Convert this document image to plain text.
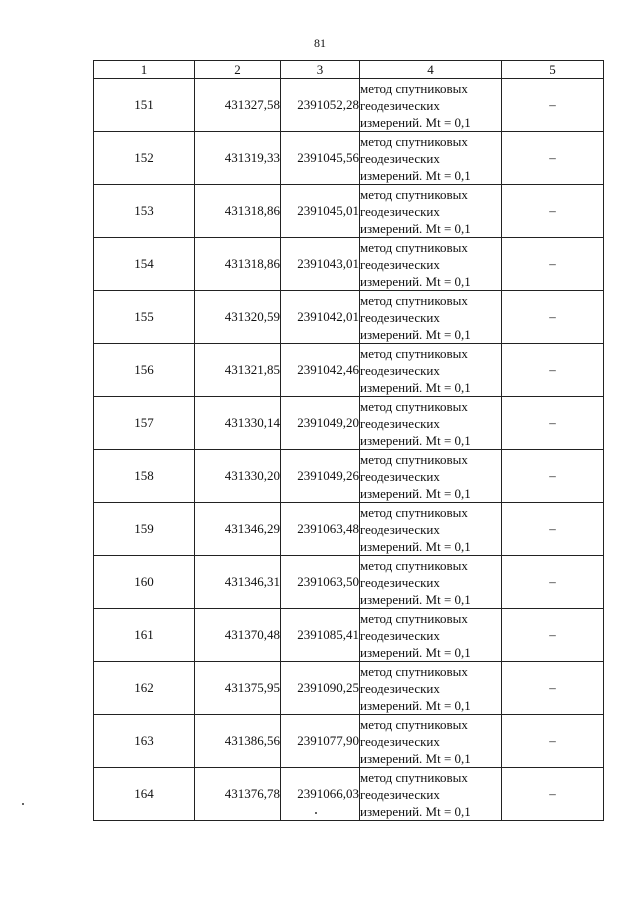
81
1	2	3	4	5
151	431327,58	2391052,28	метод спутниковых
геодезических
измерений. Mt = 0,1	–
152	431319,33	2391045,56	метод спутниковых
геодезических
измерений. Mt = 0,1	–
153	431318,86	2391045,01	метод спутниковых
геодезических
измерений. Mt = 0,1	–
154	431318,86	2391043,01	метод спутниковых
геодезических
измерений. Mt = 0,1	–
155	431320,59	2391042,01	метод спутниковых
геодезических
измерений. Mt = 0,1	–
156	431321,85	2391042,46	метод спутниковых
геодезических
измерений. Mt = 0,1	–
157	431330,14	2391049,20	метод спутниковых
геодезических
измерений. Mt = 0,1	–
158	431330,20	2391049,26	метод спутниковых
геодезических
измерений. Mt = 0,1	–
159	431346,29	2391063,48	метод спутниковых
геодезических
измерений. Mt = 0,1	–
160	431346,31	2391063,50	метод спутниковых
геодезических
измерений. Mt = 0,1	–
161	431370,48	2391085,41	метод спутниковых
геодезических
измерений. Mt = 0,1	–
162	431375,95	2391090,25	метод спутниковых
геодезических
измерений. Mt = 0,1	–
163	431386,56	2391077,90	метод спутниковых
геодезических
измерений. Mt = 0,1	–
164	431376,78	2391066,03	метод спутниковых
геодезических
измерений. Mt = 0,1	–
